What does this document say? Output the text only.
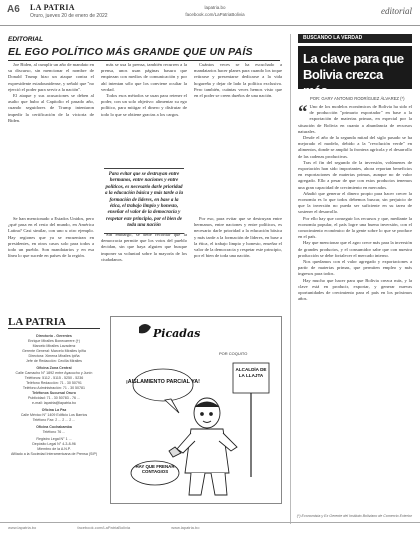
A6 LA PATRIA
Oruro, jueves 20 de enero de 2022
lapatria.bo
facebook.com/LaPatriaBolivia	editorial
EDITORIAL
EL EGO POLÍTICO MÁS GRANDE QUE UN PAÍS

Joe Biden, al cumplir un año de mandato en su discurso, sin mencionar el nombre de Donald Trump hizo un ataque contra el expresidente estadounidense, y señaló que "no ejerció el poder para servir a la nación".

El ataque y sus acusaciones se deben al asalto que hubo al Capitolio el pasado año, cuando seguidores de Trump intentaron impedir la certificación de la victoria de Biden.

más se usa la prensa, también recurren a la prensa, unos usan páginas basura que empiezan con medios de comunicación y por ahí intentan sólo que los conviene ocultar la verdad.

Todos esos métodos se usan para retener el poder, con un solo objetivo: alimentar su ego político, para mitigar el dinero y disfrutar de todo lo que se obtiene gracias a los cargos.

Cuántos veces se ha escuchado a mandatarios hacer planes para cuando los toque retirarse y presentarse dedicarse a la vida hogareña y dejar de lado la política exclusiva. Pero también, cuántas veces hemos visto que en el poder se creen dueños de una nación.

Para evitar que se destruyan entre hermanos, entre naciones y entre políticos, es necesario darle prioridad a la educación básica y más tarde a la formación de líderes, en base a la ética, el trabajo limpio y honesto, enseñar el valor de la democracia y respetar este principio, por el bien de toda una nación

Se han mencionado a Estados Unidos, pero ¿qué pasa en el resto del mundo, en América Latina? Casi similar, con uno u otro ejemplo. Hay regiones que ya se encuentran en presidentes, en otros casos solo para todos a todo un pueblo. Son mandatarios y en esa línea lo que sucede en países de la región.

Sin embargo, se debe recordar que la democracia permite que los votos del pueblo decidan, sin que haya alguien que busque imponer su voluntad sobre la mayoría de los ciudadanos.

Por eso, para evitar que se destruyan entre hermanos, entre naciones y entre políticos, es necesario darle prioridad a la educación básica y más tarde a la formación de líderes, en base a la ética, el trabajo limpio y honesto, enseñar el valor de la democracia y respetar este principio, por el bien de toda una nación.

LA PATRIA
Directorio - Gerentes
Enrique Miralles Bonecarrere (†)
Marcelo Miralles Lavadenz
Gerente General: Marcelo Miralles Ipiña
Directora: Ximena Miralles Ipiña
Jefe de Redacción: Cecilia Miralles
Oficina Zona Central
Calle Camacho N° 1892 entre Ayacucho y Junín
Teléfonos: 5112 - 5115 - 5250 - 5236
Teléfono Redacción: 71 - 30 50791
Teléfono Administración: 71 - 30 50781
Teléfonos Sucursal Oruro
Publicidad: 71 - 30 50783 - 76 ...
e-mail: lapatria@lapatria.bo
Oficina La Paz
Calle México N° 1409 Edificio Los Barrios
Teléfono Fax: 2 ... 2 ... 2 ...
Oficina Cochabamba
Teléfono 76 ...
Registro Legal N° 1 ...
Depósito Legal N° 4-3-8-96
Miembro de la A.N.P.
Afiliado a la Sociedad Interamericana de Prensa (SIP)
Picadas
POR COQUITO
¡AISLAMIENTO PARCIAL YA!
ALCALDÍA DE LA LLAJTA
HAY QUE FRENAR CONTAGIOS
BUSCANDO LA VERDAD
La clave para que Bolivia crezca más
POR: GARY ANTONIO RODRÍGUEZ ÁLVAREZ (*)

“ Uno de los modelos económicos de Bolivia ha sido el de producción "primario exportador" en base a la exportación de materias primas, en especial por la situación de Bolivia en cuanto a abundancia de recursos naturales.

Desde el año de la segunda mitad del siglo pasado se ha mejorado el modelo, debido a la "revolución verde" en alimentos, donde se amplió la frontera agrícola y el desarrollo de las cadenas productivas.

Tras el fin del segundo de la inversión, volúmenes de exportación han sido importantes, ahora reportan beneficios en exportaciones de materias primas, aunque no de valor agregado. Ello a pesar de que con estos productos tenemos una gran capacidad de crecimiento en mercados.

Añadió que generar el dinero propio para hacer crecer la economía es lo que todos debemos buscar, sin perjuicio de que la inversión no pueda ser suficiente en su tarea de sostener el desarrollo.

Por ello hay que conseguir los recursos y que, mediante la economía popular, el país logre una buena inversión, con el conocimiento económico de la gente sobre lo que se produce en el país.

Hay que mencionar que el agro crece más para la inversión de grandes productos, y el consumidor sabe que con nuestra producción se debe fortalecer el mercado interno.

Nos quedamos con el valor agregado y exportaciones a partir de materias primas, que permiten empleo y más ingresos para todos.

Hay mucho que hacer para que Bolivia crezca más, y la clave está en producir, exportar, y generar nuevas oportunidades de crecimiento para el país en los próximos años.

(*) Economista y Ex Gerente del Instituto Boliviano de Comercio Exterior
www.lapatria.bo	facebook.com/LaPatriaBolivia	www.lapatria.bo
